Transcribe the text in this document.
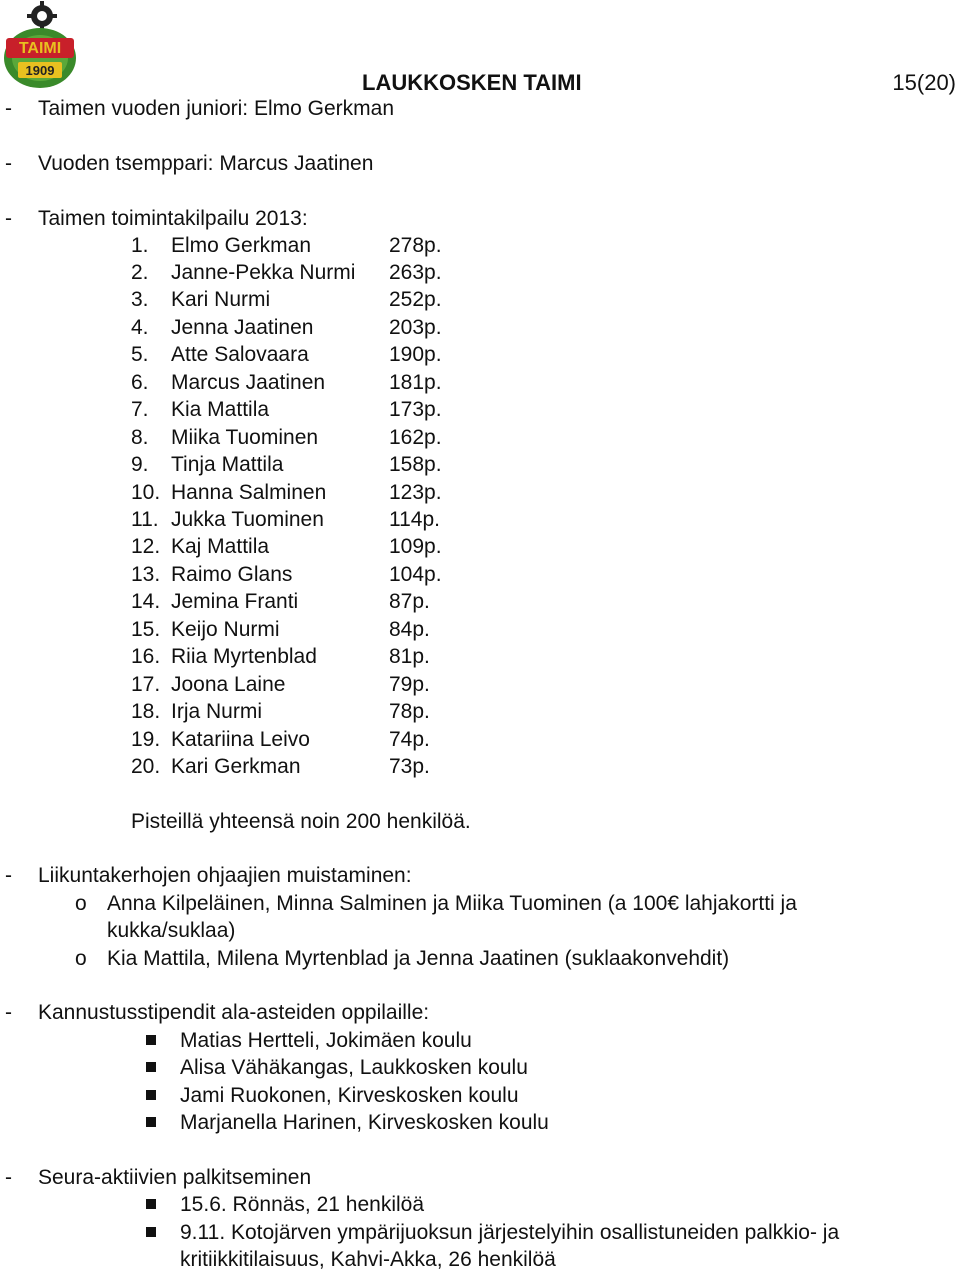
TAIMI
1909	LAUKKOSKEN TAIMI	15(20)
- Taimen vuoden juniori: Elmo Gerkman
- Vuoden tsemppari: Marcus Jaatinen
- Taimen toimintakilpailu 2013:
1. Elmo Gerkman	278p.
2. Janne-Pekka Nurmi 263p.
3. Kari Nurmi	252p.
4. Jenna Jaatinen	203p.
5. Atte Salovaara	190p.
6. Marcus Jaatinen	181p.
7. Kia Mattila	173p.
8. Miika Tuominen	162p.
9. Tinja Mattila	158p.
10. Hanna Salminen	123p.
11. Jukka Tuominen	114p.
12. Kaj Mattila	109p.
13. Raimo Glans	104p.
14. Jemina Franti	87p.
15. Keijo Nurmi	84p.
16. Riia Myrtenblad	81p.
17. Joona Laine	79p.
18. Irja Nurmi	78p.
19. Katariina Leivo	74p.
20. Kari Gerkman	73p.
Pisteillä yhteensä noin 200 henkilöä.
- Liikuntakerhojen ohjaajien muistaminen:
o Anna Kilpeläinen, Minna Salminen ja Miika Tuominen (a 100€ lahjakortti ja
kukka/suklaa)
o Kia Mattila, Milena Myrtenblad ja Jenna Jaatinen (suklaakonvehdit)
- Kannustusstipendit ala-asteiden oppilaille:
Matias Hertteli, Jokimäen koulu
Alisa Vähäkangas, Laukkosken koulu
Jami Ruokonen, Kirveskosken koulu
Marjanella Harinen, Kirveskosken koulu
- Seura-aktiivien palkitseminen
15.6. Rönnäs, 21 henkilöä
9.11. Kotojärven ympärijuoksun järjestelyihin osallistuneiden palkkio- ja
kritiikkitilaisuus, Kahvi-Akka, 26 henkilöä
